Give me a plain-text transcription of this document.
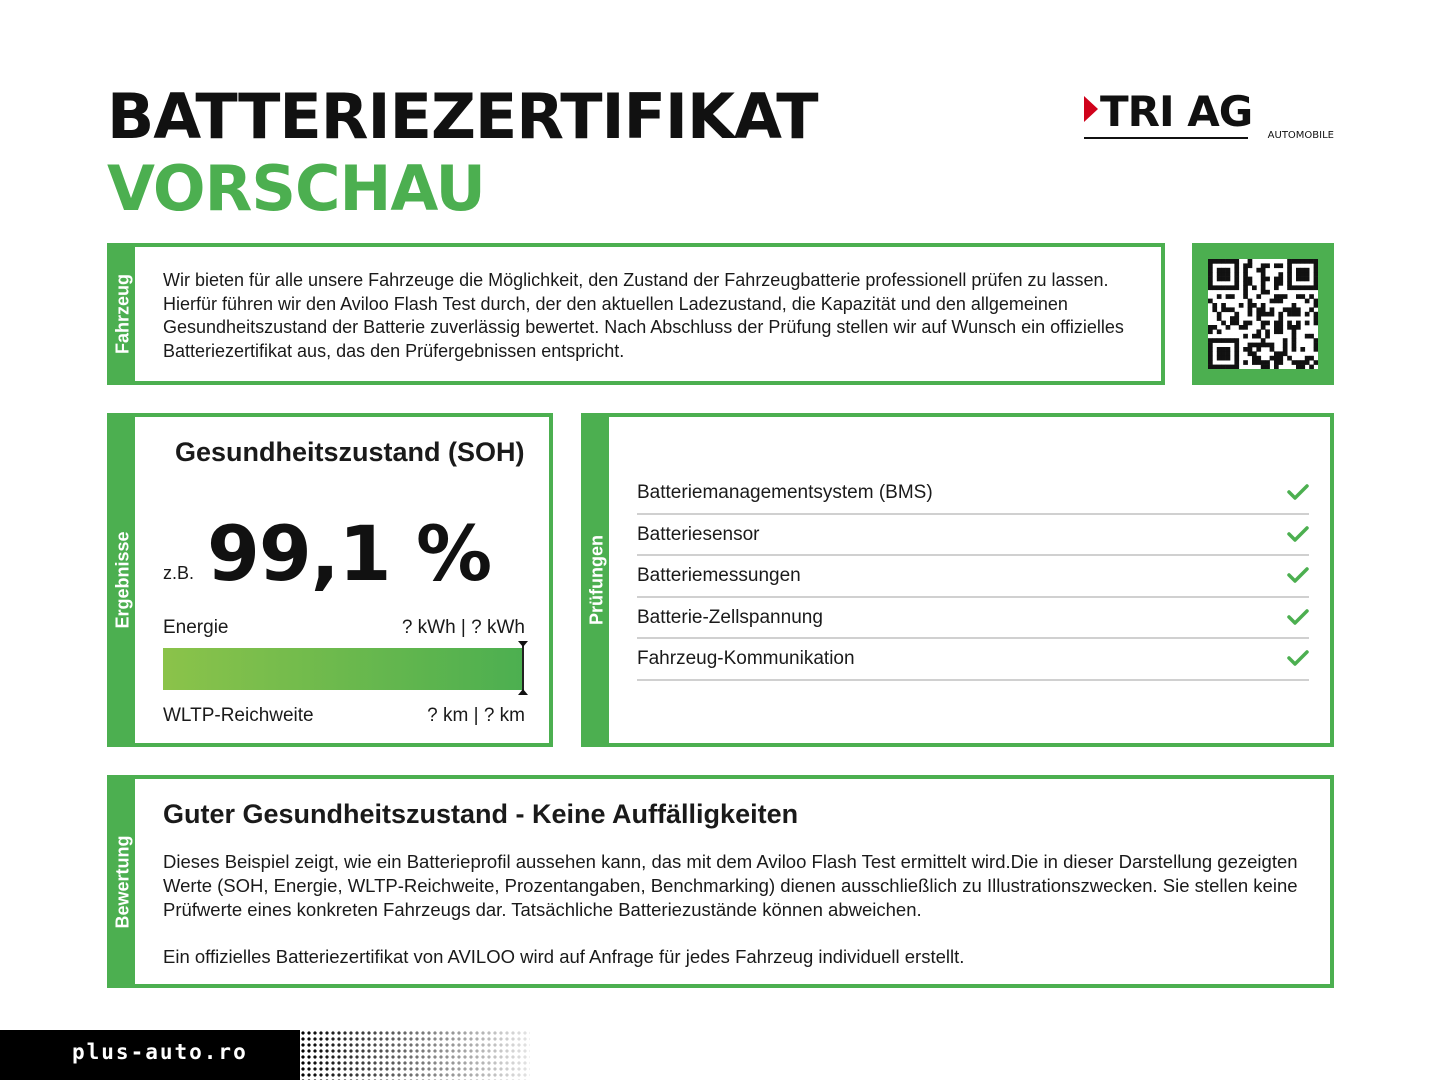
BATTERIEZERTIFIKAT
VORSCHAU
TRI AG AUTOMOBILE
Fahrzeug Wir bieten für alle unsere Fahrzeuge die Möglichkeit, den Zustand der Fahrzeugbatterie professionell prüfen zu lassen. Hierfür führen wir den Aviloo Flash Test durch, der den aktuellen Ladezustand, die Kapazität und den allgemeinen Gesundheitszustand der Batterie zuverlässig bewertet. Nach Abschluss der Prüfung stellen wir auf Wunsch ein offizielles Batteriezertifikat aus, das den Prüfergebnissen entspricht.

Ergebnisse
Gesundheitszustand (SOH)
z.B. 99,1 %
Energie	? kWh | ? kWh
WLTP-Reichweite	? km | ? km
Prüfungen
Batteriemanagementsystem (BMS)
Batteriesensor
Batteriemessungen
Batterie-Zellspannung
Fahrzeug-Kommunikation
Bewertung
Guter Gesundheitszustand - Keine Auffälligkeiten

Dieses Beispiel zeigt, wie ein Batterieprofil aussehen kann, das mit dem Aviloo Flash Test ermittelt wird.Die in dieser Darstellung gezeigten Werte (SOH, Energie, WLTP-Reichweite, Prozentangaben, Benchmarking) dienen ausschließlich zu Illustrationszwecken. Sie stellen keine Prüfwerte eines konkreten Fahrzeugs dar. Tatsächliche Batteriezustände können abweichen.

Ein offizielles Batteriezertifikat von AVILOO wird auf Anfrage für jedes Fahrzeug individuell erstellt.

plus-auto.ro
